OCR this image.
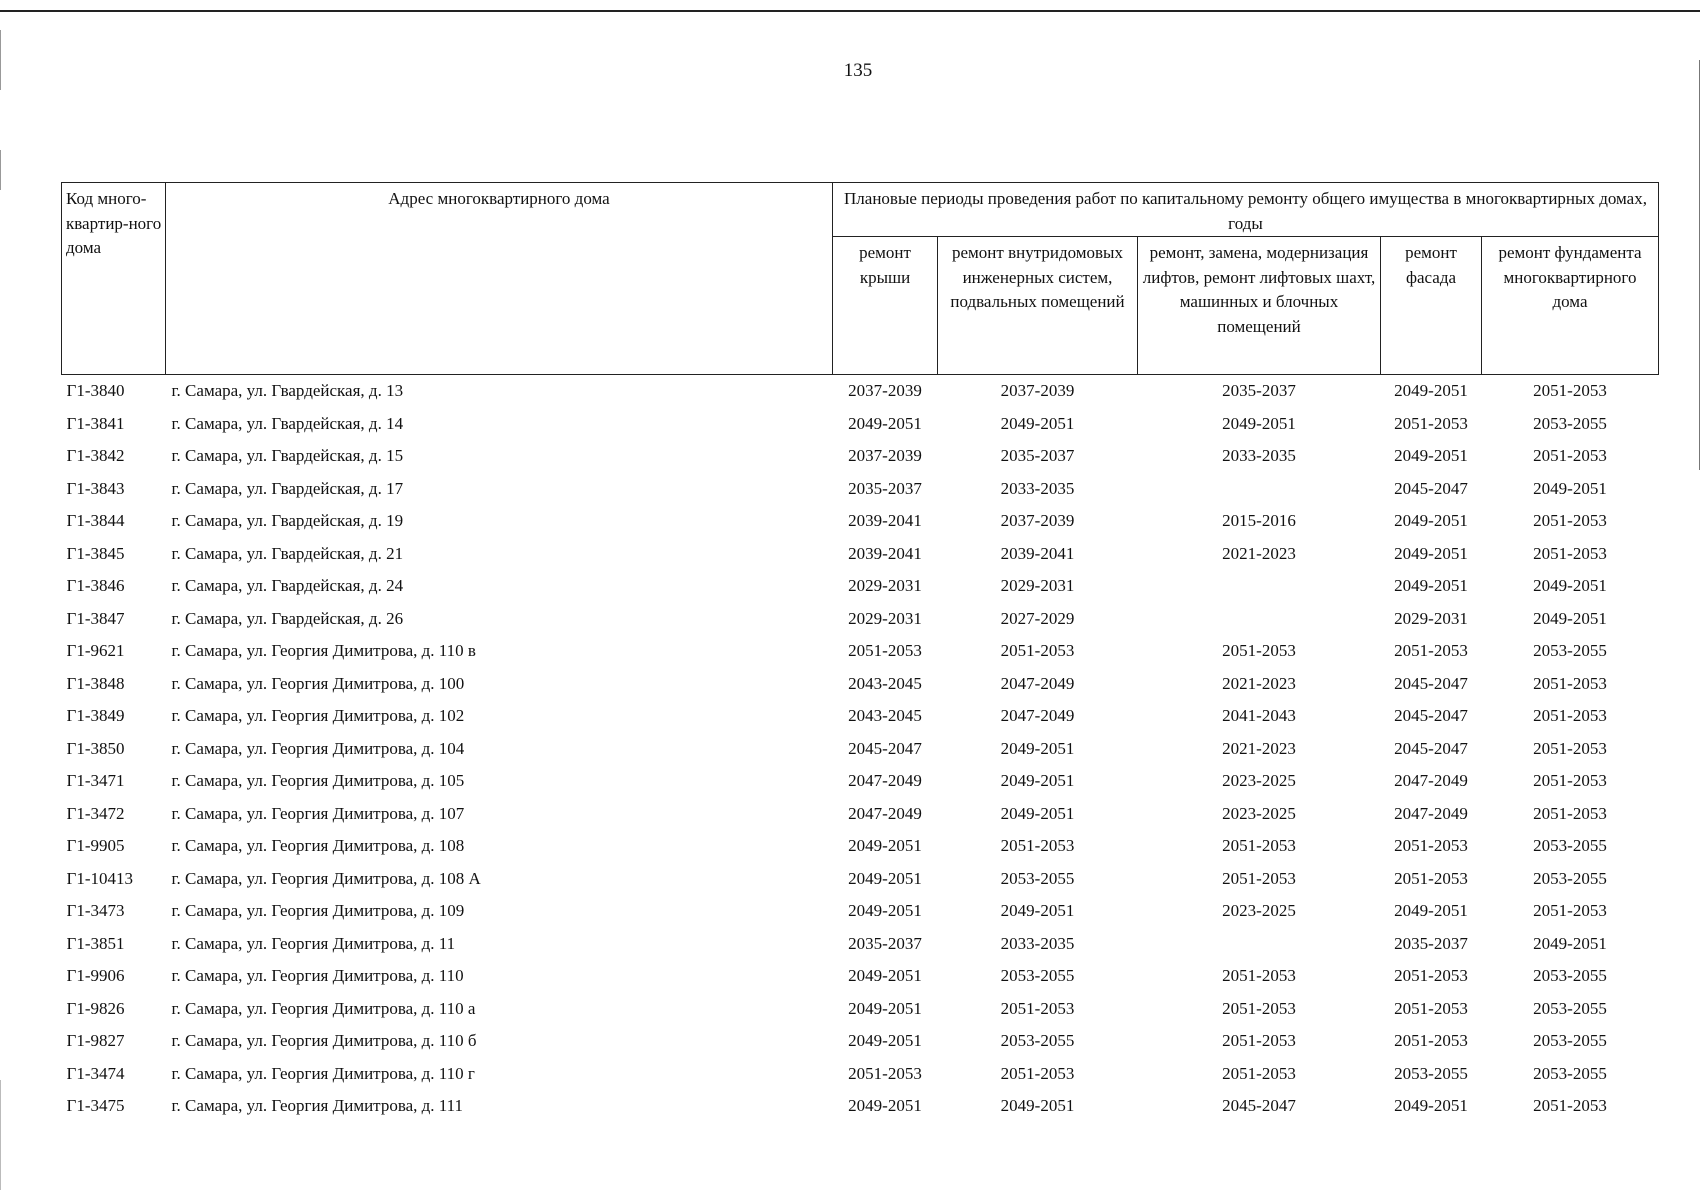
135
Код много-квартир-ного дома	Адрес многоквартирного дома	Плановые периоды проведения работ по капитальному ремонту общего имущества в многоквартирных домах, годы				
		ремонт крыши	ремонт внутридомовых инженерных систем, подвальных помещений	ремонт, замена, модернизация лифтов, ремонт лифтовых шахт, машинных и блочных помещений	ремонт фасада	ремонт фундамента многоквартирного дома
Г1-3840	г. Самара, ул. Гвардейская, д. 13	2037-2039	2037-2039	2035-2037	2049-2051	2051-2053
Г1-3841	г. Самара, ул. Гвардейская, д. 14	2049-2051	2049-2051	2049-2051	2051-2053	2053-2055
Г1-3842	г. Самара, ул. Гвардейская, д. 15	2037-2039	2035-2037	2033-2035	2049-2051	2051-2053
Г1-3843	г. Самара, ул. Гвардейская, д. 17	2035-2037	2033-2035		2045-2047	2049-2051
Г1-3844	г. Самара, ул. Гвардейская, д. 19	2039-2041	2037-2039	2015-2016	2049-2051	2051-2053
Г1-3845	г. Самара, ул. Гвардейская, д. 21	2039-2041	2039-2041	2021-2023	2049-2051	2051-2053
Г1-3846	г. Самара, ул. Гвардейская, д. 24	2029-2031	2029-2031		2049-2051	2049-2051
Г1-3847	г. Самара, ул. Гвардейская, д. 26	2029-2031	2027-2029		2029-2031	2049-2051
Г1-9621	г. Самара, ул. Георгия Димитрова, д. 110 в	2051-2053	2051-2053	2051-2053	2051-2053	2053-2055
Г1-3848	г. Самара, ул. Георгия Димитрова, д. 100	2043-2045	2047-2049	2021-2023	2045-2047	2051-2053
Г1-3849	г. Самара, ул. Георгия Димитрова, д. 102	2043-2045	2047-2049	2041-2043	2045-2047	2051-2053
Г1-3850	г. Самара, ул. Георгия Димитрова, д. 104	2045-2047	2049-2051	2021-2023	2045-2047	2051-2053
Г1-3471	г. Самара, ул. Георгия Димитрова, д. 105	2047-2049	2049-2051	2023-2025	2047-2049	2051-2053
Г1-3472	г. Самара, ул. Георгия Димитрова, д. 107	2047-2049	2049-2051	2023-2025	2047-2049	2051-2053
Г1-9905	г. Самара, ул. Георгия Димитрова, д. 108	2049-2051	2051-2053	2051-2053	2051-2053	2053-2055
Г1-10413	г. Самара, ул. Георгия Димитрова, д. 108 А	2049-2051	2053-2055	2051-2053	2051-2053	2053-2055
Г1-3473	г. Самара, ул. Георгия Димитрова, д. 109	2049-2051	2049-2051	2023-2025	2049-2051	2051-2053
Г1-3851	г. Самара, ул. Георгия Димитрова, д. 11	2035-2037	2033-2035		2035-2037	2049-2051
Г1-9906	г. Самара, ул. Георгия Димитрова, д. 110	2049-2051	2053-2055	2051-2053	2051-2053	2053-2055
Г1-9826	г. Самара, ул. Георгия Димитрова, д. 110 а	2049-2051	2051-2053	2051-2053	2051-2053	2053-2055
Г1-9827	г. Самара, ул. Георгия Димитрова, д. 110 б	2049-2051	2053-2055	2051-2053	2051-2053	2053-2055
Г1-3474	г. Самара, ул. Георгия Димитрова, д. 110 г	2051-2053	2051-2053	2051-2053	2053-2055	2053-2055
Г1-3475	г. Самара, ул. Георгия Димитрова, д. 111	2049-2051	2049-2051	2045-2047	2049-2051	2051-2053
